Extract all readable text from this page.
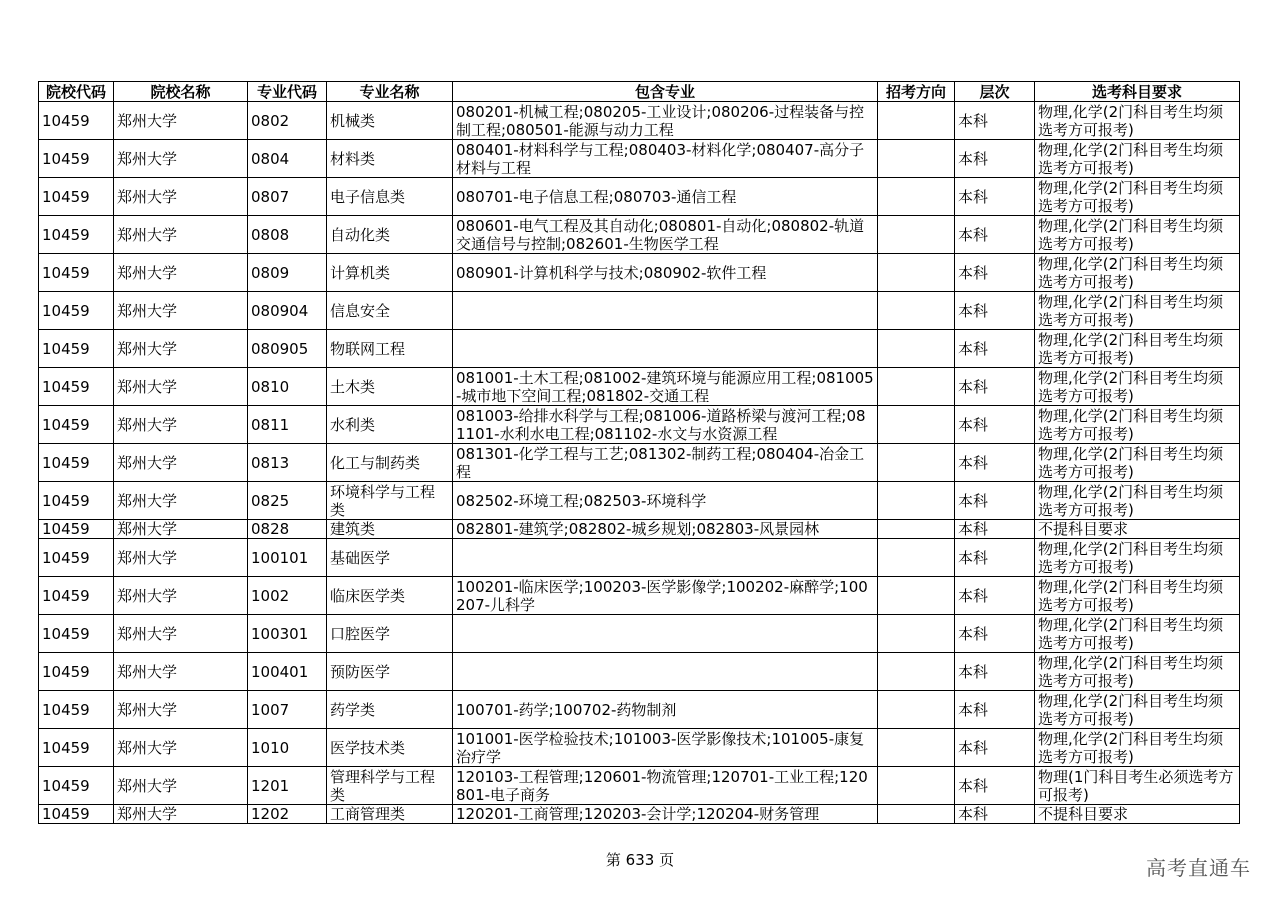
院校代码	院校名称	专业代码	专业名称	包含专业	招考方向	层次	选考科目要求
10459	郑州大学	0802	机械类	080201-机械工程;080205-工业设计;080206-过程装备与控制工程;080501-能源与动力工程		本科	物理,化学(2门科目考生均须选考方可报考)
10459	郑州大学	0804	材料类	080401-材料科学与工程;080403-材料化学;080407-高分子材料与工程		本科	物理,化学(2门科目考生均须选考方可报考)
10459	郑州大学	0807	电子信息类	080701-电子信息工程;080703-通信工程		本科	物理,化学(2门科目考生均须选考方可报考)
10459	郑州大学	0808	自动化类	080601-电气工程及其自动化;080801-自动化;080802-轨道交通信号与控制;082601-生物医学工程		本科	物理,化学(2门科目考生均须选考方可报考)
10459	郑州大学	0809	计算机类	080901-计算机科学与技术;080902-软件工程		本科	物理,化学(2门科目考生均须选考方可报考)
10459	郑州大学	080904	信息安全			本科	物理,化学(2门科目考生均须选考方可报考)
10459	郑州大学	080905	物联网工程			本科	物理,化学(2门科目考生均须选考方可报考)
10459	郑州大学	0810	土木类	081001-土木工程;081002-建筑环境与能源应用工程;081005-城市地下空间工程;081802-交通工程		本科	物理,化学(2门科目考生均须选考方可报考)
10459	郑州大学	0811	水利类	081003-给排水科学与工程;081006-道路桥梁与渡河工程;081101-水利水电工程;081102-水文与水资源工程		本科	物理,化学(2门科目考生均须选考方可报考)
10459	郑州大学	0813	化工与制药类	081301-化学工程与工艺;081302-制药工程;080404-冶金工程		本科	物理,化学(2门科目考生均须选考方可报考)
10459	郑州大学	0825	环境科学与工程类	082502-环境工程;082503-环境科学		本科	物理,化学(2门科目考生均须选考方可报考)
10459	郑州大学	0828	建筑类	082801-建筑学;082802-城乡规划;082803-风景园林		本科	不提科目要求
10459	郑州大学	100101	基础医学			本科	物理,化学(2门科目考生均须选考方可报考)
10459	郑州大学	1002	临床医学类	100201-临床医学;100203-医学影像学;100202-麻醉学;100207-儿科学		本科	物理,化学(2门科目考生均须选考方可报考)
10459	郑州大学	100301	口腔医学			本科	物理,化学(2门科目考生均须选考方可报考)
10459	郑州大学	100401	预防医学			本科	物理,化学(2门科目考生均须选考方可报考)
10459	郑州大学	1007	药学类	100701-药学;100702-药物制剂		本科	物理,化学(2门科目考生均须选考方可报考)
10459	郑州大学	1010	医学技术类	101001-医学检验技术;101003-医学影像技术;101005-康复治疗学		本科	物理,化学(2门科目考生均须选考方可报考)
10459	郑州大学	1201	管理科学与工程类	120103-工程管理;120601-物流管理;120701-工业工程;120801-电子商务		本科	物理(1门科目考生必须选考方可报考)
10459	郑州大学	1202	工商管理类	120201-工商管理;120203-会计学;120204-财务管理		本科	不提科目要求
第 633 页	高考直通车
